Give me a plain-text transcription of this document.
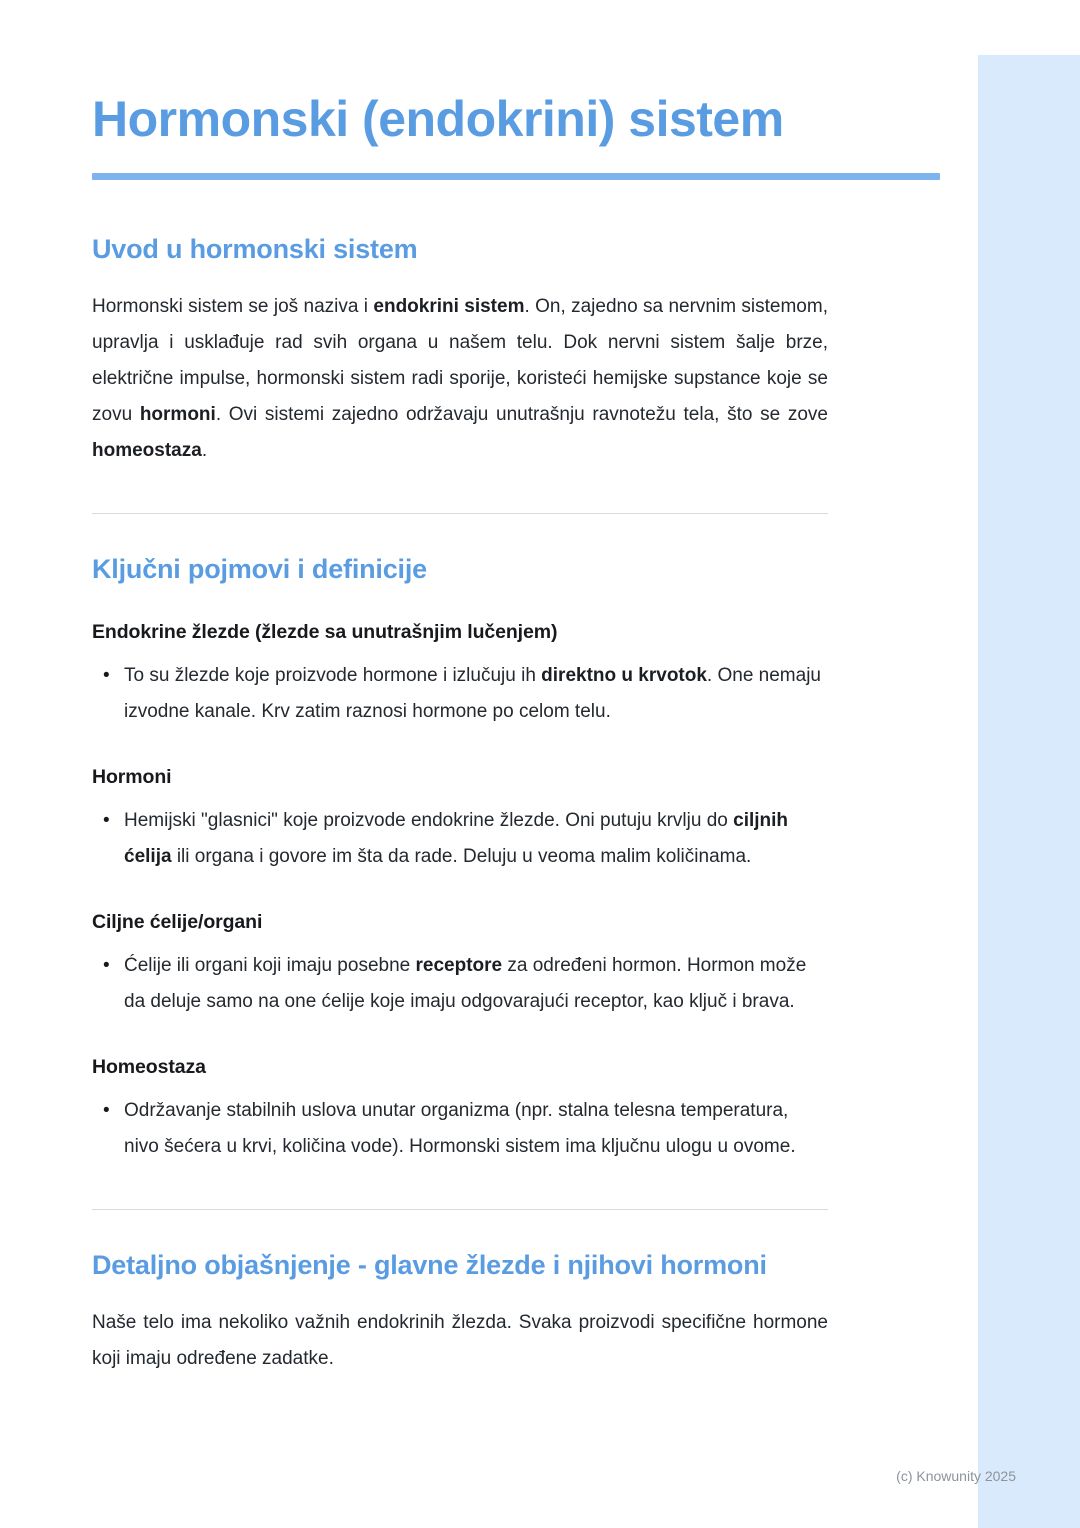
Hormonski (endokrini) sistem
Uvod u hormonski sistem

Hormonski sistem se još naziva i endokrini sistem. On, zajedno sa nervnim sistemom, upravlja i usklađuje rad svih organa u našem telu. Dok nervni sistem šalje brze, električne impulse, hormonski sistem radi sporije, koristeći hemijske supstance koje se zovu hormoni. Ovi sistemi zajedno održavaju unutrašnju ravnotežu tela, što se zove homeostaza.

Ključni pojmovi i definicije
Endokrine žlezde (žlezde sa unutrašnjim lučenjem)
• To su žlezde koje proizvode hormone i izlučuju ih direktno u krvotok. One nemaju izvodne kanale. Krv zatim raznosi hormone po celom telu.
Hormoni
• Hemijski "glasnici" koje proizvode endokrine žlezde. Oni putuju krvlju do ciljnih ćelija ili organa i govore im šta da rade. Deluju u veoma malim količinama.
Ciljne ćelije/organi
• Ćelije ili organi koji imaju posebne receptore za određeni hormon. Hormon može da deluje samo na one ćelije koje imaju odgovarajući receptor, kao ključ i brava.
Homeostaza
• Održavanje stabilnih uslova unutar organizma (npr. stalna telesna temperatura, nivo šećera u krvi, količina vode). Hormonski sistem ima ključnu ulogu u ovome.
Detaljno objašnjenje - glavne žlezde i njihovi hormoni

Naše telo ima nekoliko važnih endokrinih žlezda. Svaka proizvodi specifične hormone koji imaju određene zadatke.

(c) Knowunity 2025
